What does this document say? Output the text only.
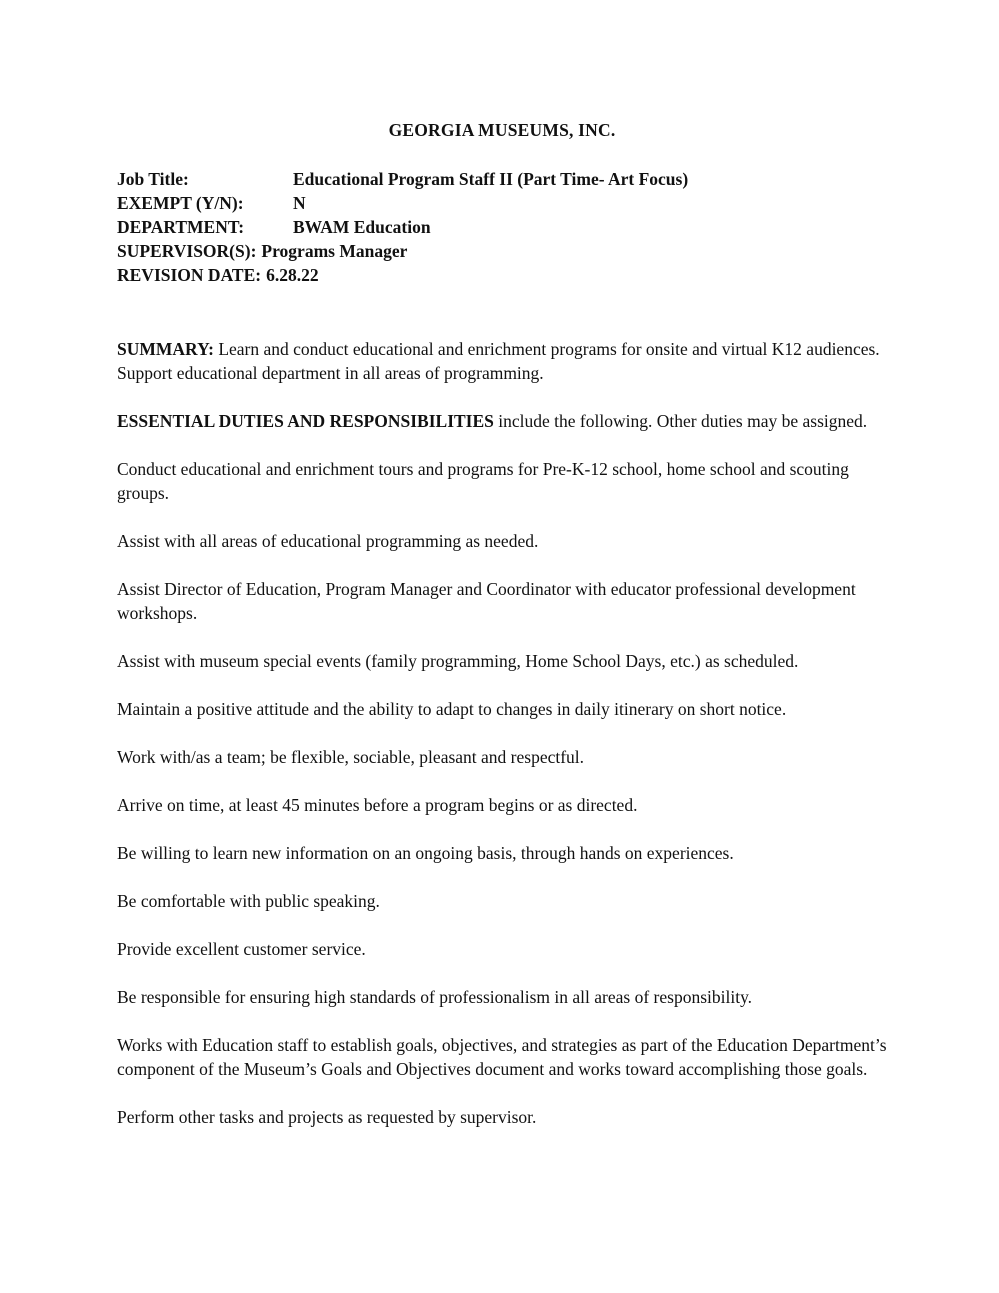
GEORGIA MUSEUMS, INC.
Job Title:	Educational Program Staff II (Part Time- Art Focus)
EXEMPT (Y/N):	N
DEPARTMENT:	BWAM Education
SUPERVISOR(S): Programs Manager
REVISION DATE: 6.28.22

SUMMARY: Learn and conduct educational and enrichment programs for onsite and virtual K12 audiences. Support educational department in all areas of programming.

ESSENTIAL DUTIES AND RESPONSIBILITIES include the following. Other duties may be assigned.

Conduct educational and enrichment tours and programs for Pre-K-12 school, home school and scouting groups.

Assist with all areas of educational programming as needed.

Assist Director of Education, Program Manager and Coordinator with educator professional development workshops.

Assist with museum special events (family programming, Home School Days, etc.) as scheduled.

Maintain a positive attitude and the ability to adapt to changes in daily itinerary on short notice.

Work with/as a team; be flexible, sociable, pleasant and respectful.

Arrive on time, at least 45 minutes before a program begins or as directed.

Be willing to learn new information on an ongoing basis, through hands on experiences.

Be comfortable with public speaking.

Provide excellent customer service.

Be responsible for ensuring high standards of professionalism in all areas of responsibility.

Works with Education staff to establish goals, objectives, and strategies as part of the Education Department’s component of the Museum’s Goals and Objectives document and works toward accomplishing those goals.

Perform other tasks and projects as requested by supervisor.
